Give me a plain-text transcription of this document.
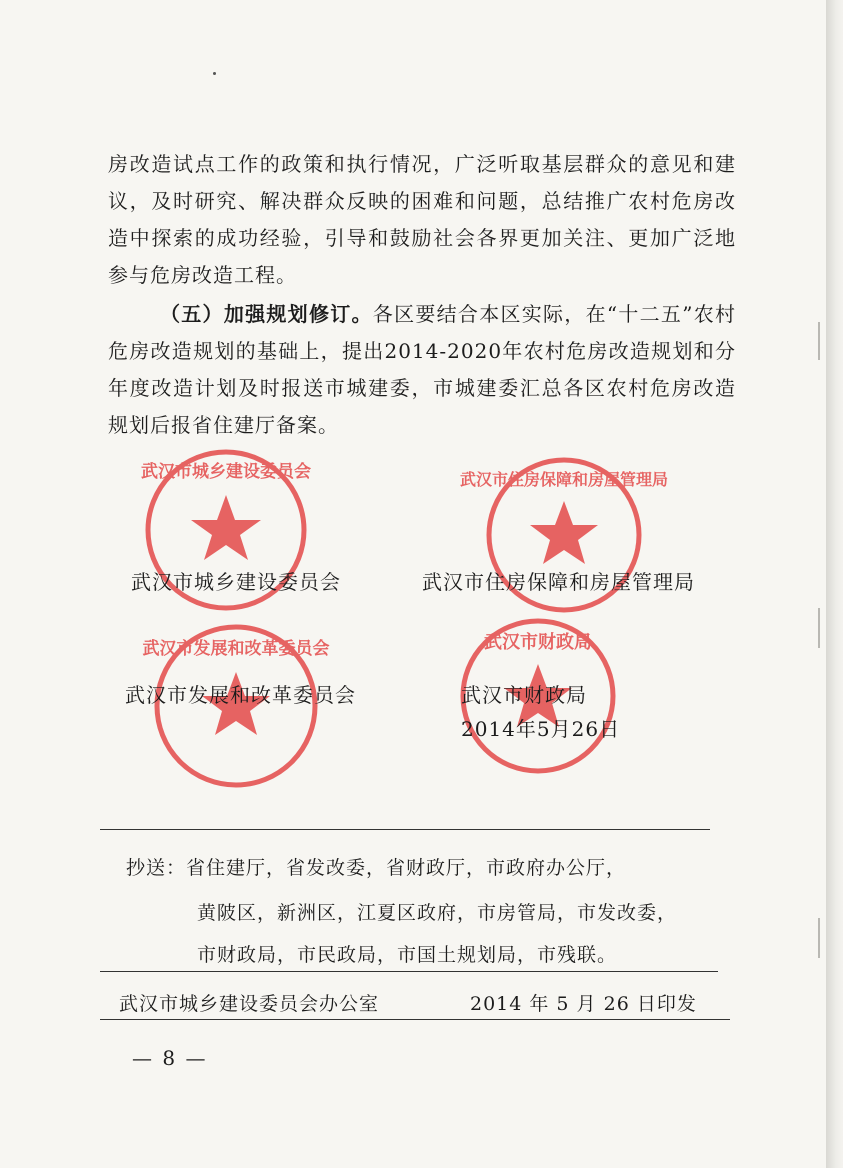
房改造试点工作的政策和执行情况，广泛听取基层群众的意见和建议，及时研究、解决群众反映的困难和问题，总结推广农村危房改造中探索的成功经验，引导和鼓励社会各界更加关注、更加广泛地参与危房改造工程。
（五）加强规划修订。各区要结合本区实际，在“十二五”农村危房改造规划的基础上，提出2014-2020年农村危房改造规划和分年度改造计划及时报送市城建委，市城建委汇总各区农村危房改造规划后报省住建厅备案。
武汉市城乡建设委员会	武汉市住房保障和房屋管理局
武汉市发展和改革委员会	武汉市财政局
武汉市城乡建设委员会	武汉市住房保障和房屋管理局
武汉市发展和改革委员会	武汉市财政局
2014年5月26日
抄送：省住建厅，省发改委，省财政厅，市政府办公厅，
黄陂区，新洲区，江夏区政府，市房管局，市发改委，
市财政局，市民政局，市国土规划局，市残联。
武汉市城乡建设委员会办公室	2014 年 5 月 26 日印发
— 8 —
